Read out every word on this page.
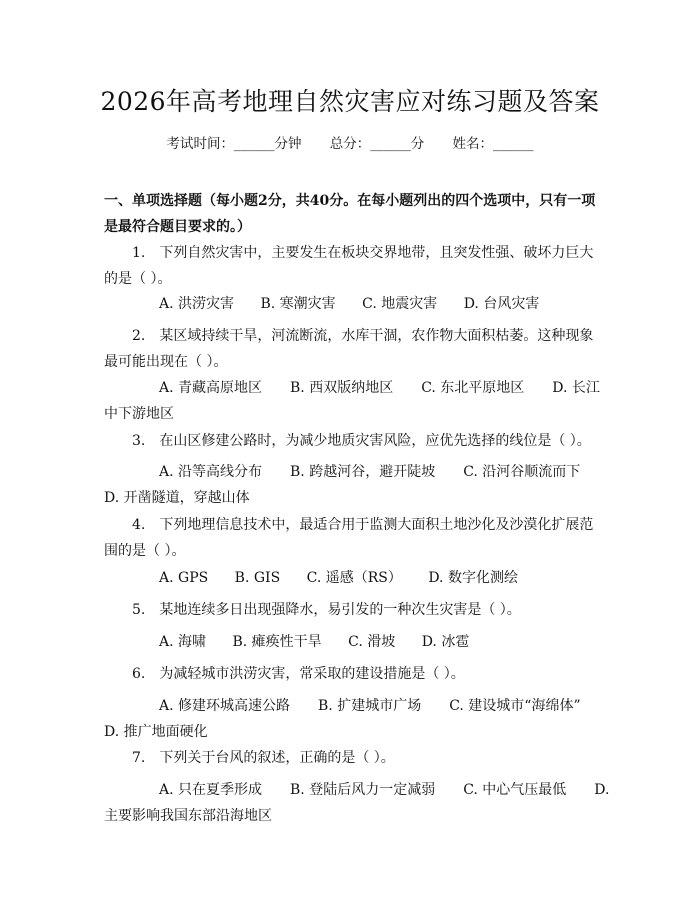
2026年高考地理自然灾害应对练习题及答案
考试时间：______分钟 总分：______分 姓名：______
一、单项选择题（每小题2分，共40分。在每小题列出的四个选项中，只有一项是最符合题目要求的。）
1.　下列自然灾害中，主要发生在板块交界地带，且突发性强、破坏力巨大的是（ ）。
A. 洪涝灾害 B. 寒潮灾害 C. 地震灾害 D. 台风灾害
2.　某区域持续干旱，河流断流，水库干涸，农作物大面积枯萎。这种现象最可能出现在（ ）。
A. 青藏高原地区　　B. 西双版纳地区　　C. 东北平原地区　　D. 长江
中下游地区
3.　在山区修建公路时，为减少地质灾害风险，应优先选择的线位是（ ）。
A. 沿等高线分布　　B. 跨越河谷，避开陡坡　　C. 沿河谷顺流而下
D. 开凿隧道，穿越山体
4.　下列地理信息技术中，最适合用于监测大面积土地沙化及沙漠化扩展范围的是（ ）。
A. GPS B. GIS C. 遥感（RS） D. 数字化测绘
5.　某地连续多日出现强降水，易引发的一种次生灾害是（ ）。
A. 海啸 B. 瘫痪性干旱 C. 滑坡 D. 冰雹
6.　为减轻城市洪涝灾害，常采取的建设措施是（ ）。
A. 修建环城高速公路　　B. 扩建城市广场　　C. 建设城市“海绵体”
D. 推广地面硬化
7.　下列关于台风的叙述，正确的是（ ）。
A. 只在夏季形成　　B. 登陆后风力一定减弱　　C. 中心气压最低　　D.
主要影响我国东部沿海地区
